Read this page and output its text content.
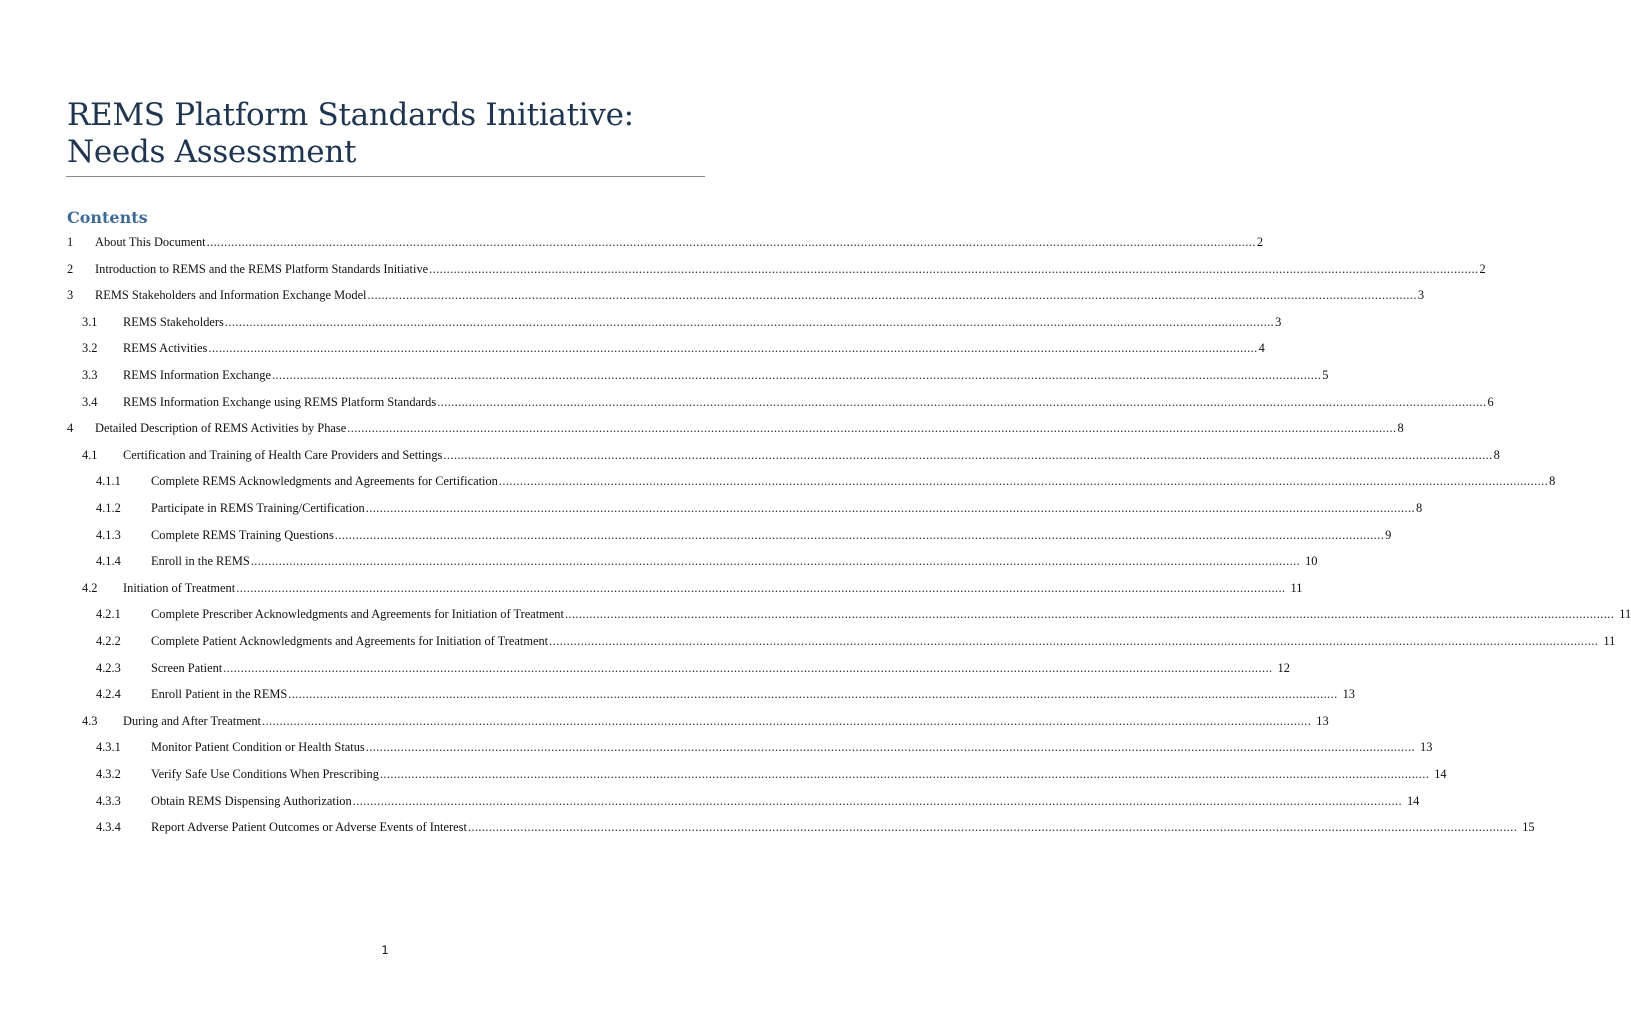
REMS Platform Standards Initiative:
Needs Assessment
Contents
1	About This Document ............................................................................................................................................................................................................................................................................................................ 2
2	Introduction to REMS and the REMS Platform Standards Initiative ............................................................................................................................................................................................................................................................................................................ 2
3	REMS Stakeholders and Information Exchange Model ............................................................................................................................................................................................................................................................................................................ 3
3.1	REMS Stakeholders ............................................................................................................................................................................................................................................................................................................ 3
3.2	REMS Activities ............................................................................................................................................................................................................................................................................................................ 4
3.3	REMS Information Exchange ............................................................................................................................................................................................................................................................................................................ 5
3.4	REMS Information Exchange using REMS Platform Standards ............................................................................................................................................................................................................................................................................................................ 6
4	Detailed Description of REMS Activities by Phase ............................................................................................................................................................................................................................................................................................................ 8
4.1	Certification and Training of Health Care Providers and Settings ............................................................................................................................................................................................................................................................................................................ 8
4.1.1	Complete REMS Acknowledgments and Agreements for Certification ............................................................................................................................................................................................................................................................................................................ 8
4.1.2	Participate in REMS Training/Certification ............................................................................................................................................................................................................................................................................................................ 8
4.1.3	Complete REMS Training Questions ............................................................................................................................................................................................................................................................................................................ 9
4.1.4	Enroll in the REMS ............................................................................................................................................................................................................................................................................................................ 10
4.2	Initiation of Treatment ............................................................................................................................................................................................................................................................................................................ 11
4.2.1	Complete Prescriber Acknowledgments and Agreements for Initiation of Treatment ............................................................................................................................................................................................................................................................................................................ 11
4.2.2	Complete Patient Acknowledgments and Agreements for Initiation of Treatment ............................................................................................................................................................................................................................................................................................................ 11
4.2.3	Screen Patient ............................................................................................................................................................................................................................................................................................................ 12
4.2.4	Enroll Patient in the REMS ............................................................................................................................................................................................................................................................................................................ 13
4.3	During and After Treatment ............................................................................................................................................................................................................................................................................................................ 13
4.3.1	Monitor Patient Condition or Health Status ............................................................................................................................................................................................................................................................................................................ 13
4.3.2	Verify Safe Use Conditions When Prescribing ............................................................................................................................................................................................................................................................................................................ 14
4.3.3	Obtain REMS Dispensing Authorization ............................................................................................................................................................................................................................................................................................................ 14
4.3.4	Report Adverse Patient Outcomes or Adverse Events of Interest ............................................................................................................................................................................................................................................................................................................ 15
1
